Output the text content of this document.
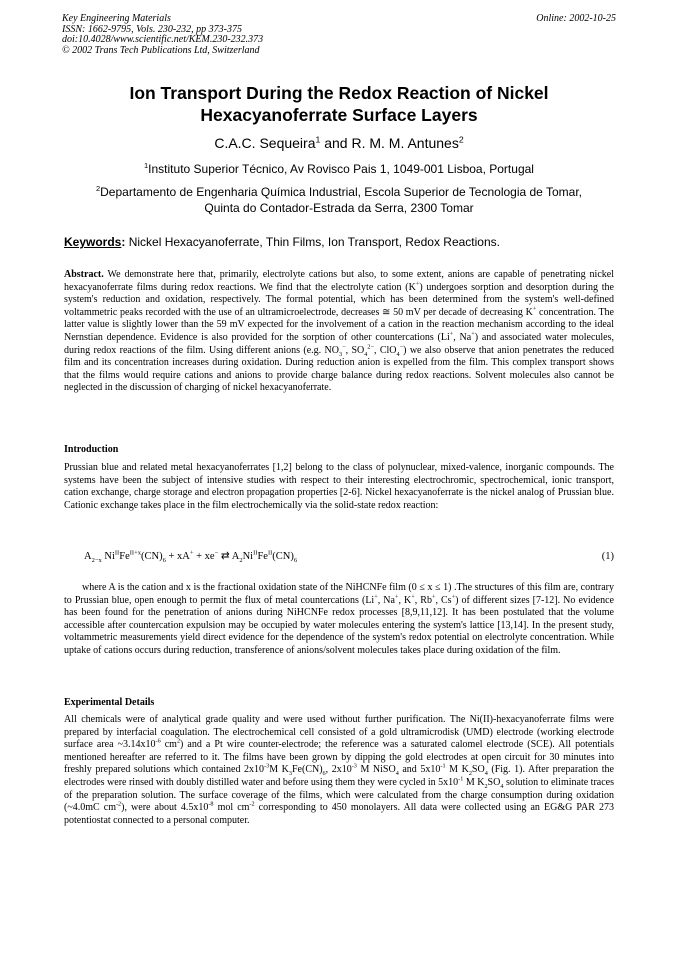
Key Engineering Materials
ISSN: 1662-9795, Vols. 230-232, pp 373-375
doi:10.4028/www.scientific.net/KEM.230-232.373
© 2002 Trans Tech Publications Ltd, Switzerland
Online: 2002-10-25
Ion Transport During the Redox Reaction of Nickel
Hexacyanoferrate Surface Layers
C.A.C. Sequeira$^1$ and R. M. M. Antunes$^2$
$^1$Instituto Superior Técnico, Av Rovisco Pais 1, 1049-001 Lisboa, Portugal
$^2$Departamento de Engenharia Química Industrial, Escola Superior de Tecnologia de Tomar,
Quinta do Contador-Estrada da Serra, 2300 Tomar
Keywords: Nickel Hexacyanoferrate, Thin Films, Ion Transport, Redox Reactions.
Abstract. We demonstrate here that, primarily, electrolyte cations but also, to some extent, anions are capable of penetrating nickel hexacyanoferrate films during redox reactions. We find that the electrolyte cation (K+) undergoes sorption and desorption during the system's reduction and oxidation, respectively. The formal potential, which has been determined from the system's well-defined voltammetric peaks recorded with the use of an ultramicroelectrode, decreases ≅ 50 mV per decade of decreasing K+ concentration. The latter value is slightly lower than the 59 mV expected for the involvement of a cation in the reaction mechanism according to the ideal Nernstian dependence. Evidence is also provided for the sorption of other countercations (Li+, Na+) and associated water molecules, during redox reactions of the film. Using different anions (e.g. $NO_3^-$, $SO_4^{2-}$, ClO$_4$−) we also observe that anion penetrates the reduced film and its concentration increases during oxidation. During reduction anion is expelled from the film. This complex transport shows that the films would require cations and anions to provide charge balance during redox reactions. Solvent molecules also cannot be neglected in the discussion of charging of nickel hexacyanoferrate.
Introduction
Prussian blue and related metal hexacyanoferrates [1,2] belong to the class of polynuclear, mixed-valence, inorganic compounds. The systems have been the subject of intensive studies with respect to their interesting electrochromic, spectrochemical, ionic transport, cation exchange, charge storage and electron propagation properties [2-6]. Nickel hexacyanoferrate is the nickel analog of Prussian blue. Cationic exchange takes place in the film electrochemically via the solid-state redox reaction:
$A_{2-x}$ $Ni^{II}Fe^{II+x}(CN)_6 + xA^+ + xe^-$ ⇄ $A_2Ni^{II}Fe^{II}(CN)_6$	(1)
where A is the cation and x is the fractional oxidation state of the NiHCNFe film (0 ≤ x ≤ 1) .The structures of this film are, contrary to Prussian blue, open enough to permit the flux of metal countercations (Li+, Na+, K+, Rb+, Cs+) of different sizes [7-12]. No evidence has been found for the penetration of anions during NiHCNFe redox processes [8,9,11,12]. It has been postulated that the volume accessible after countercation expulsion may be occupied by water molecules entering the system's lattice [13,14]. In the present study, voltammetric measurements yield direct evidence for the dependence of the system's redox potential on electrolyte concentration. While uptake of cations occurs during reduction, transference of anions/solvent molecules takes place during oxidation of the film.
Experimental Details
All chemicals were of analytical grade quality and were used without further purification. The Ni(II)-hexacyanoferrate films were prepared by interfacial coagulation. The electrochemical cell consisted of a gold ultramicrodisk (UMD) electrode (working electrode surface area $\sim 3.14x10^{-6}$ $cm^2$) and a Pt wire counter-electrode; the reference was a saturated calomel electrode (SCE). All potentials mentioned hereafter are referred to it. The films have been grown by dipping the gold electrodes at open circuit for 30 minutes into freshly prepared solutions which contained $2x10^{-3}M$ $K_3Fe(CN)_6$, $2x10^{-3}$ M NiSO$_4$ and $5x10^{-1}$ M $K_2SO_4$ (Fig. 1). After preparation the electrodes were rinsed with doubly distilled water and before using them they were cycled in $5x10^{-1}$ M $K_2SO_4$ solution to eliminate traces of the preparation solution. The surface coverage of the films, which were calculated from the charge consumption during oxidation (~4.0mC $cm^{-2}$), were about $4.5x10^{-8}$ mol $cm^{-2}$ corresponding to 450 monolayers. All data were collected using an EG&G PAR 273 potentiostat connected to a personal computer.
